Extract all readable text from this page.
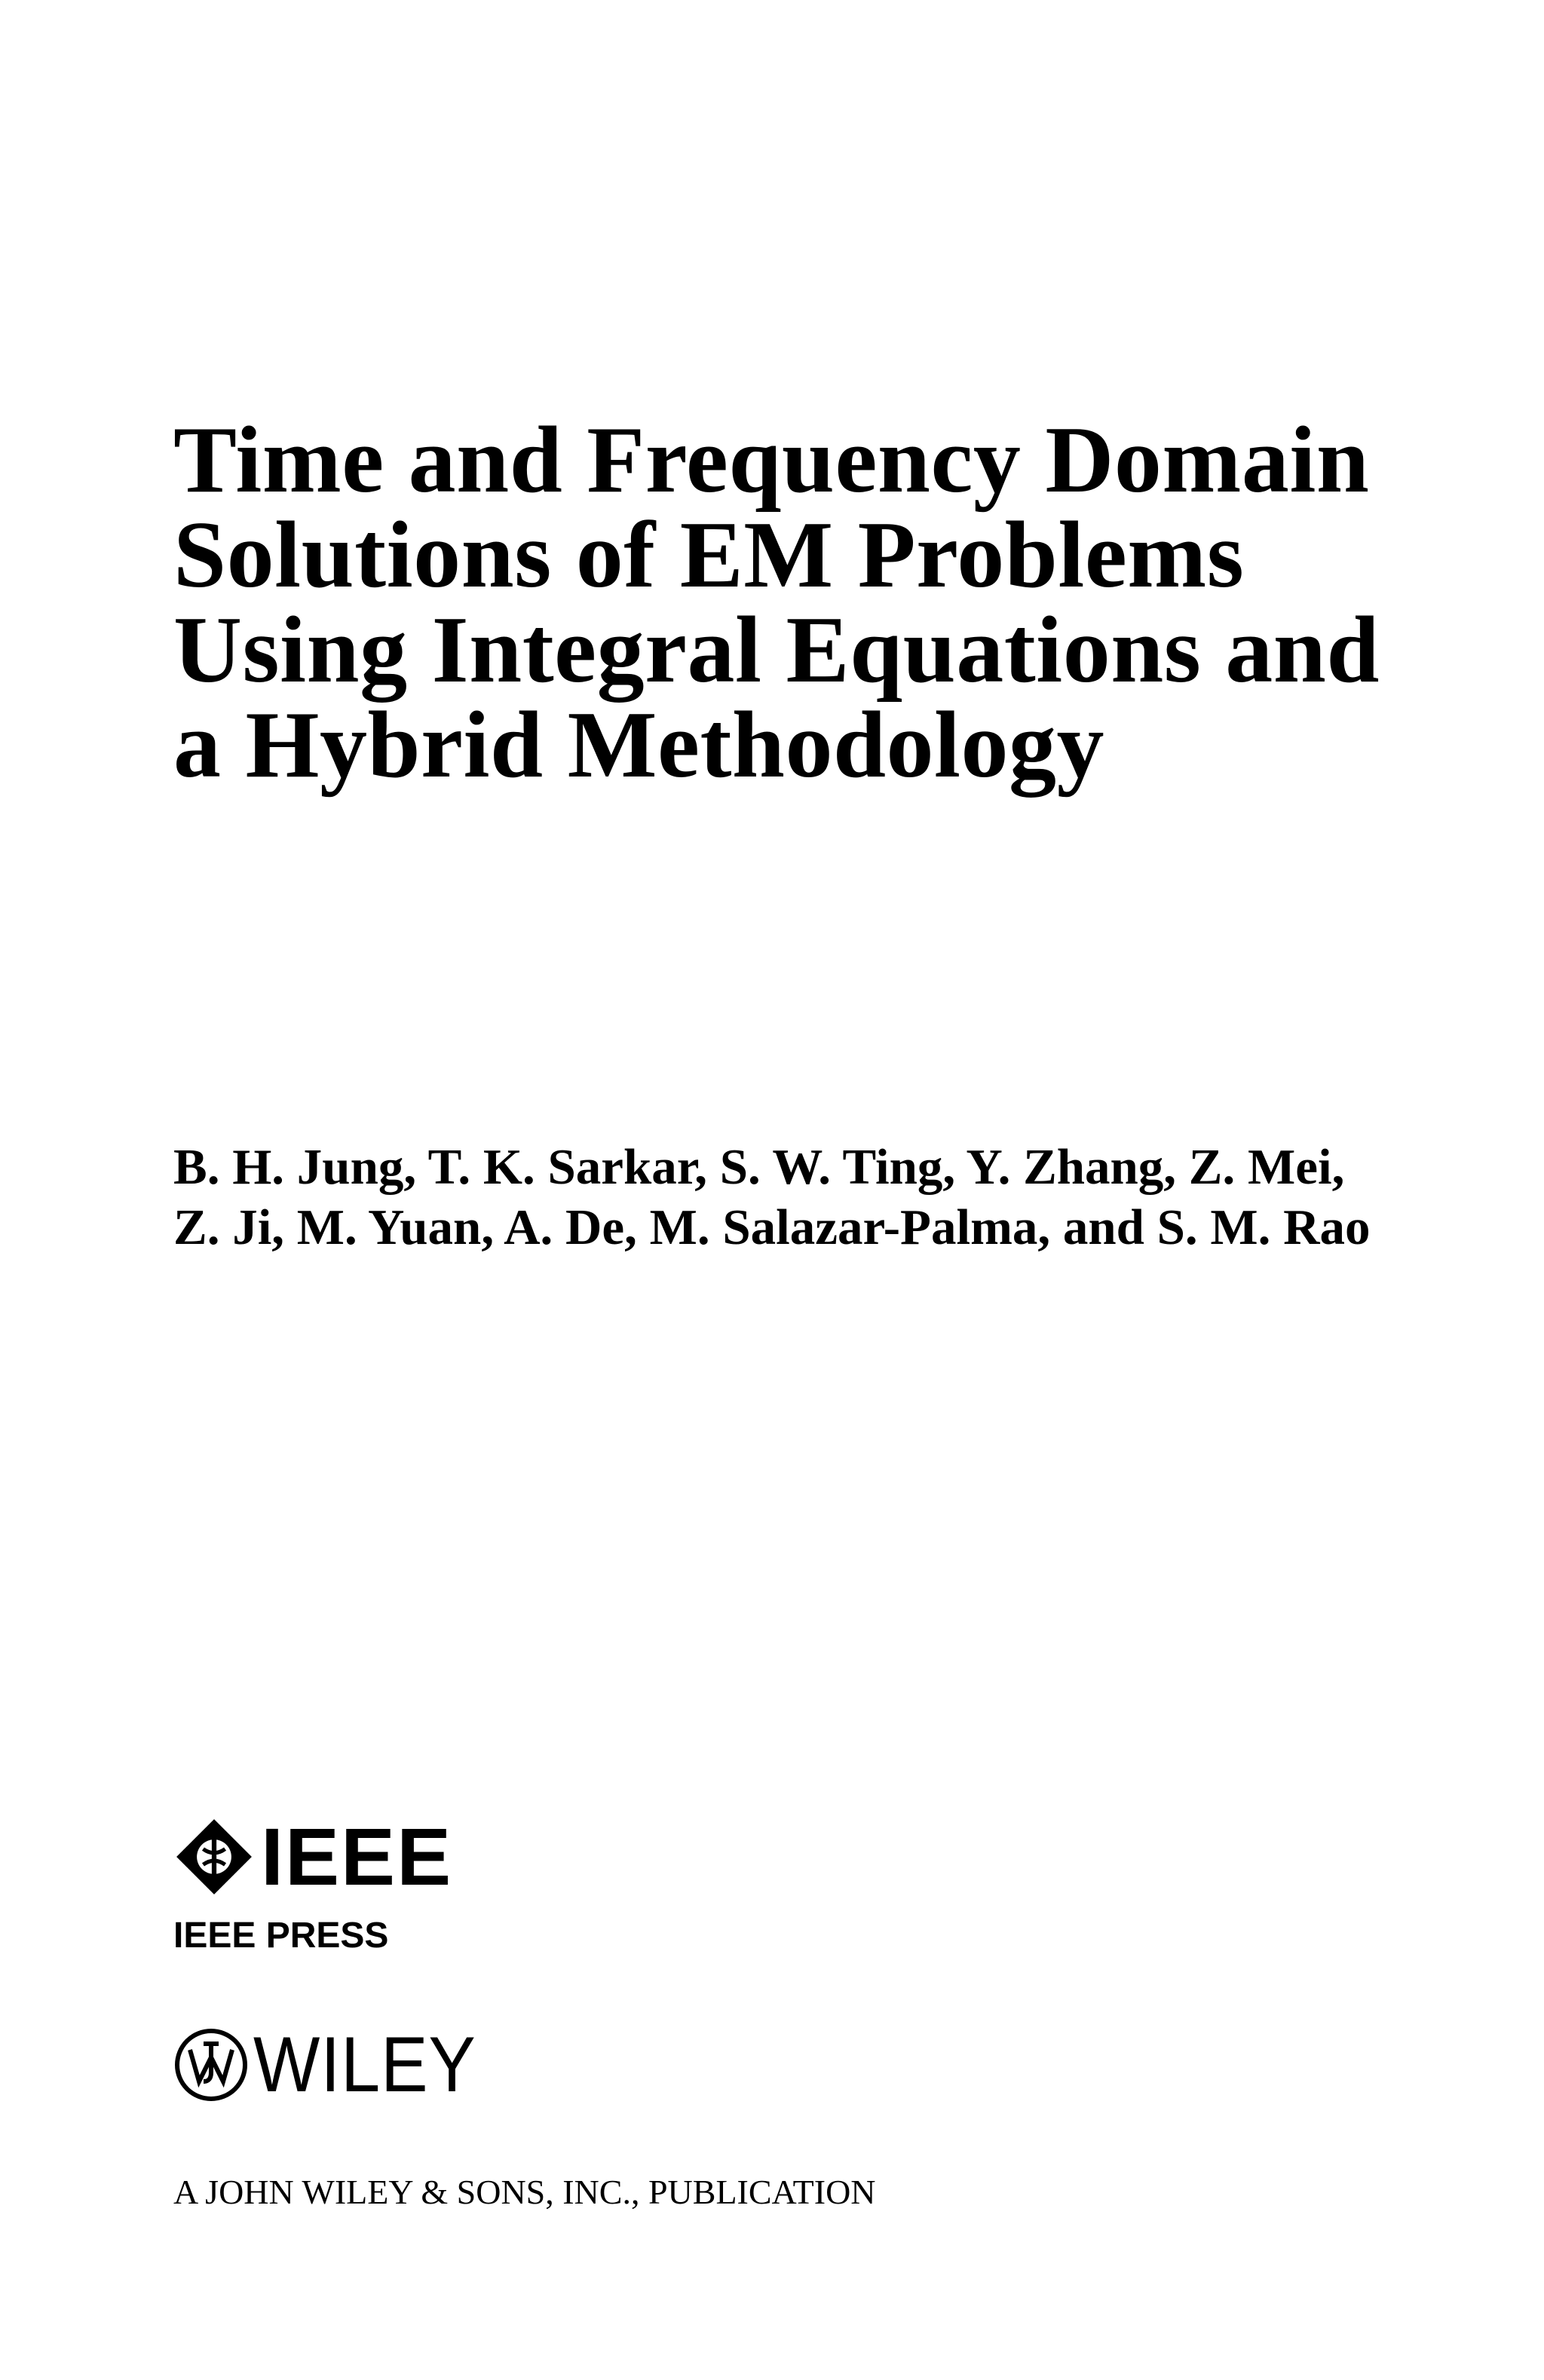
Time and Frequency Domain
Solutions of EM Problems
Using Integral Equations and
a Hybrid Methodology
B. H. Jung, T. K. Sarkar, S. W. Ting, Y. Zhang, Z. Mei,
Z. Ji, M. Yuan, A. De, M. Salazar-Palma, and S. M. Rao
IEEE
IEEE PRESS
WILEY
A JOHN WILEY & SONS, INC., PUBLICATION
